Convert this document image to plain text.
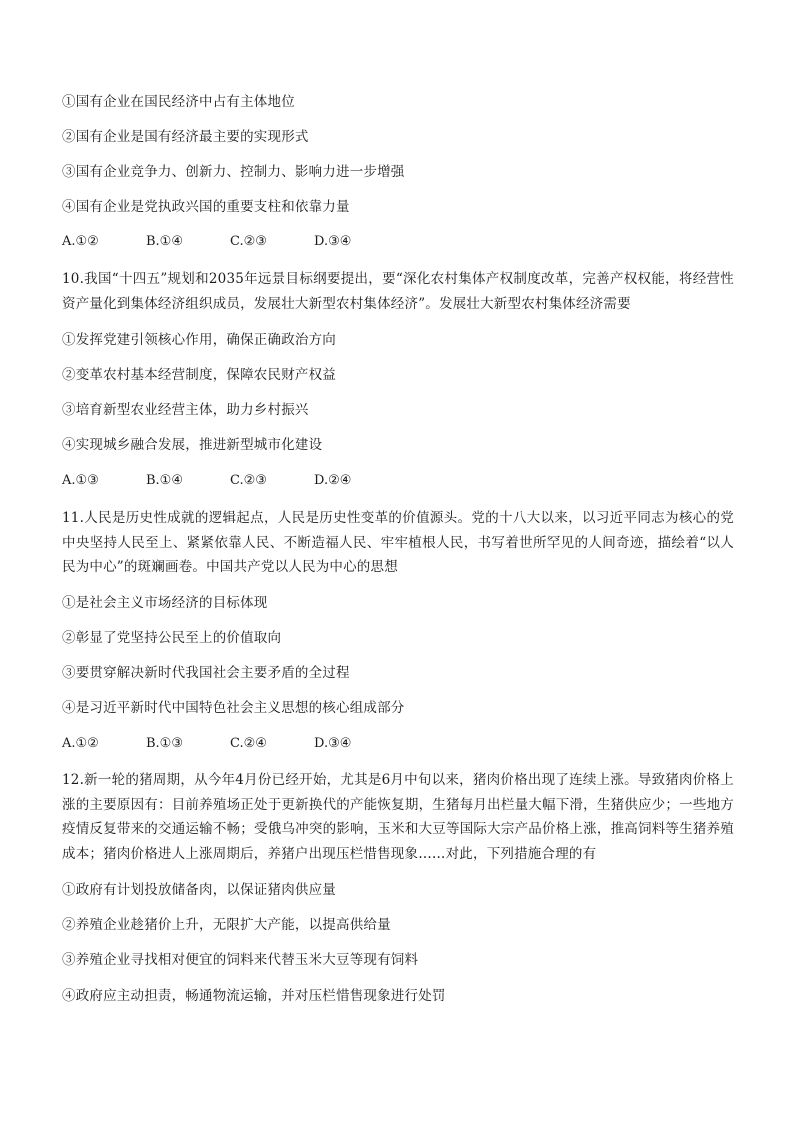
①国有企业在国民经济中占有主体地位
②国有企业是国有经济最主要的实现形式
③国有企业竞争力、创新力、控制力、影响力进一步增强
④国有企业是党执政兴国的重要支柱和依靠力量
A.①②	B.①④	C.②③	D.③④
10.我国“十四五”规划和2035年远景目标纲要提出，要“深化农村集体产权制度改革，完善产权权能，将经营性资产量化到集体经济组织成员，发展壮大新型农村集体经济”。发展壮大新型农村集体经济需要
①发挥党建引领核心作用，确保正确政治方向
②变革农村基本经营制度，保障农民财产权益
③培育新型农业经营主体，助力乡村振兴
④实现城乡融合发展，推进新型城市化建设
A.①③	B.①④	C.②③	D.②④
11.人民是历史性成就的逻辑起点，人民是历史性变革的价值源头。党的十八大以来，以习近平同志为核心的党中央坚持人民至上、紧紧依靠人民、不断造福人民、牢牢植根人民，书写着世所罕见的人间奇迹，描绘着“以人民为中心”的斑斓画卷。中国共产党以人民为中心的思想
①是社会主义市场经济的目标体现
②彰显了党坚持公民至上的价值取向
③要贯穿解决新时代我国社会主要矛盾的全过程
④是习近平新时代中国特色社会主义思想的核心组成部分
A.①②	B.①③	C.②④	D.③④
12.新一轮的猪周期，从今年4月份已经开始，尤其是6月中旬以来，猪肉价格出现了连续上涨。导致猪肉价格上涨的主要原因有：目前养殖场正处于更新换代的产能恢复期，生猪每月出栏量大幅下滑，生猪供应少；一些地方疫情反复带来的交通运输不畅；受俄乌冲突的影响，玉米和大豆等国际大宗产品价格上涨，推高饲料等生猪养殖成本；猪肉价格进人上涨周期后，养猪户出现压栏惜售现象……对此，下列措施合理的有
①政府有计划投放储备肉，以保证猪肉供应量
②养殖企业趁猪价上升，无限扩大产能，以提高供给量
③养殖企业寻找相对便宜的饲料来代替玉米大豆等现有饲料
④政府应主动担责，畅通物流运输，并对压栏惜售现象进行处罚
